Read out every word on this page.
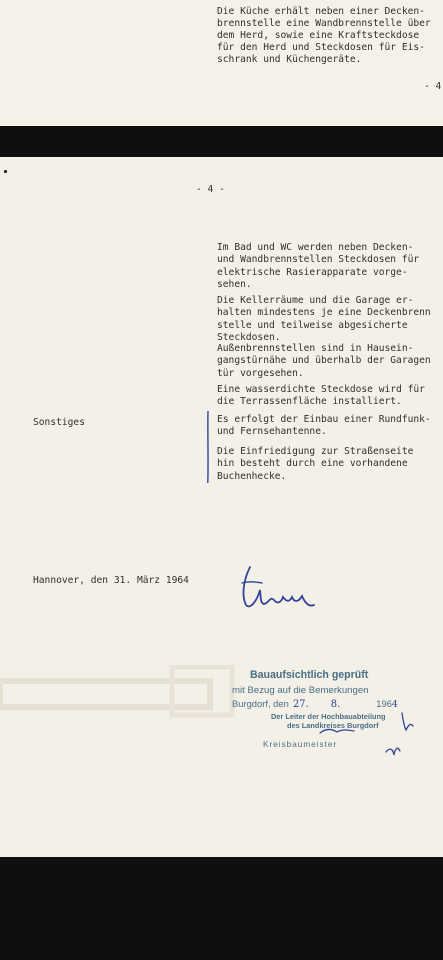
Die Küche erhält neben einer Decken-
brennstelle eine Wandbrennstelle über
dem Herd, sowie eine Kraftsteckdose
für den Herd und Steckdosen für Eis-
schrank und Küchengeräte.
- 4
- 4 -
Im Bad und WC werden neben Decken-
und Wandbrennstellen Steckdosen für
elektrische Rasierapparate vorge-
sehen.
Die Kellerräume und die Garage er-
halten mindestens je eine Deckenbrenn
stelle und teilweise abgesicherte
Steckdosen.
Außenbrennstellen sind in Hausein-
gangstürnähe und überhalb der Garagen
tür vorgesehen.
Eine wasserdichte Steckdose wird für
die Terrassenfläche installiert.
Es erfolgt der Einbau einer Rundfunk-
und Fernsehantenne.
Die Einfriedigung zur Straßenseite
hin besteht durch eine vorhandene
Buchenhecke.
Sonstiges
Hannover, den 31. März 1964
Bauaufsichtlich geprüft
mit Bezug auf die Bemerkungen
Burgdorf, den 27. 8.	1964
Der Leiter der Hochbauabteilung
des Landkreises Burgdorf
Kreisbaumeister
